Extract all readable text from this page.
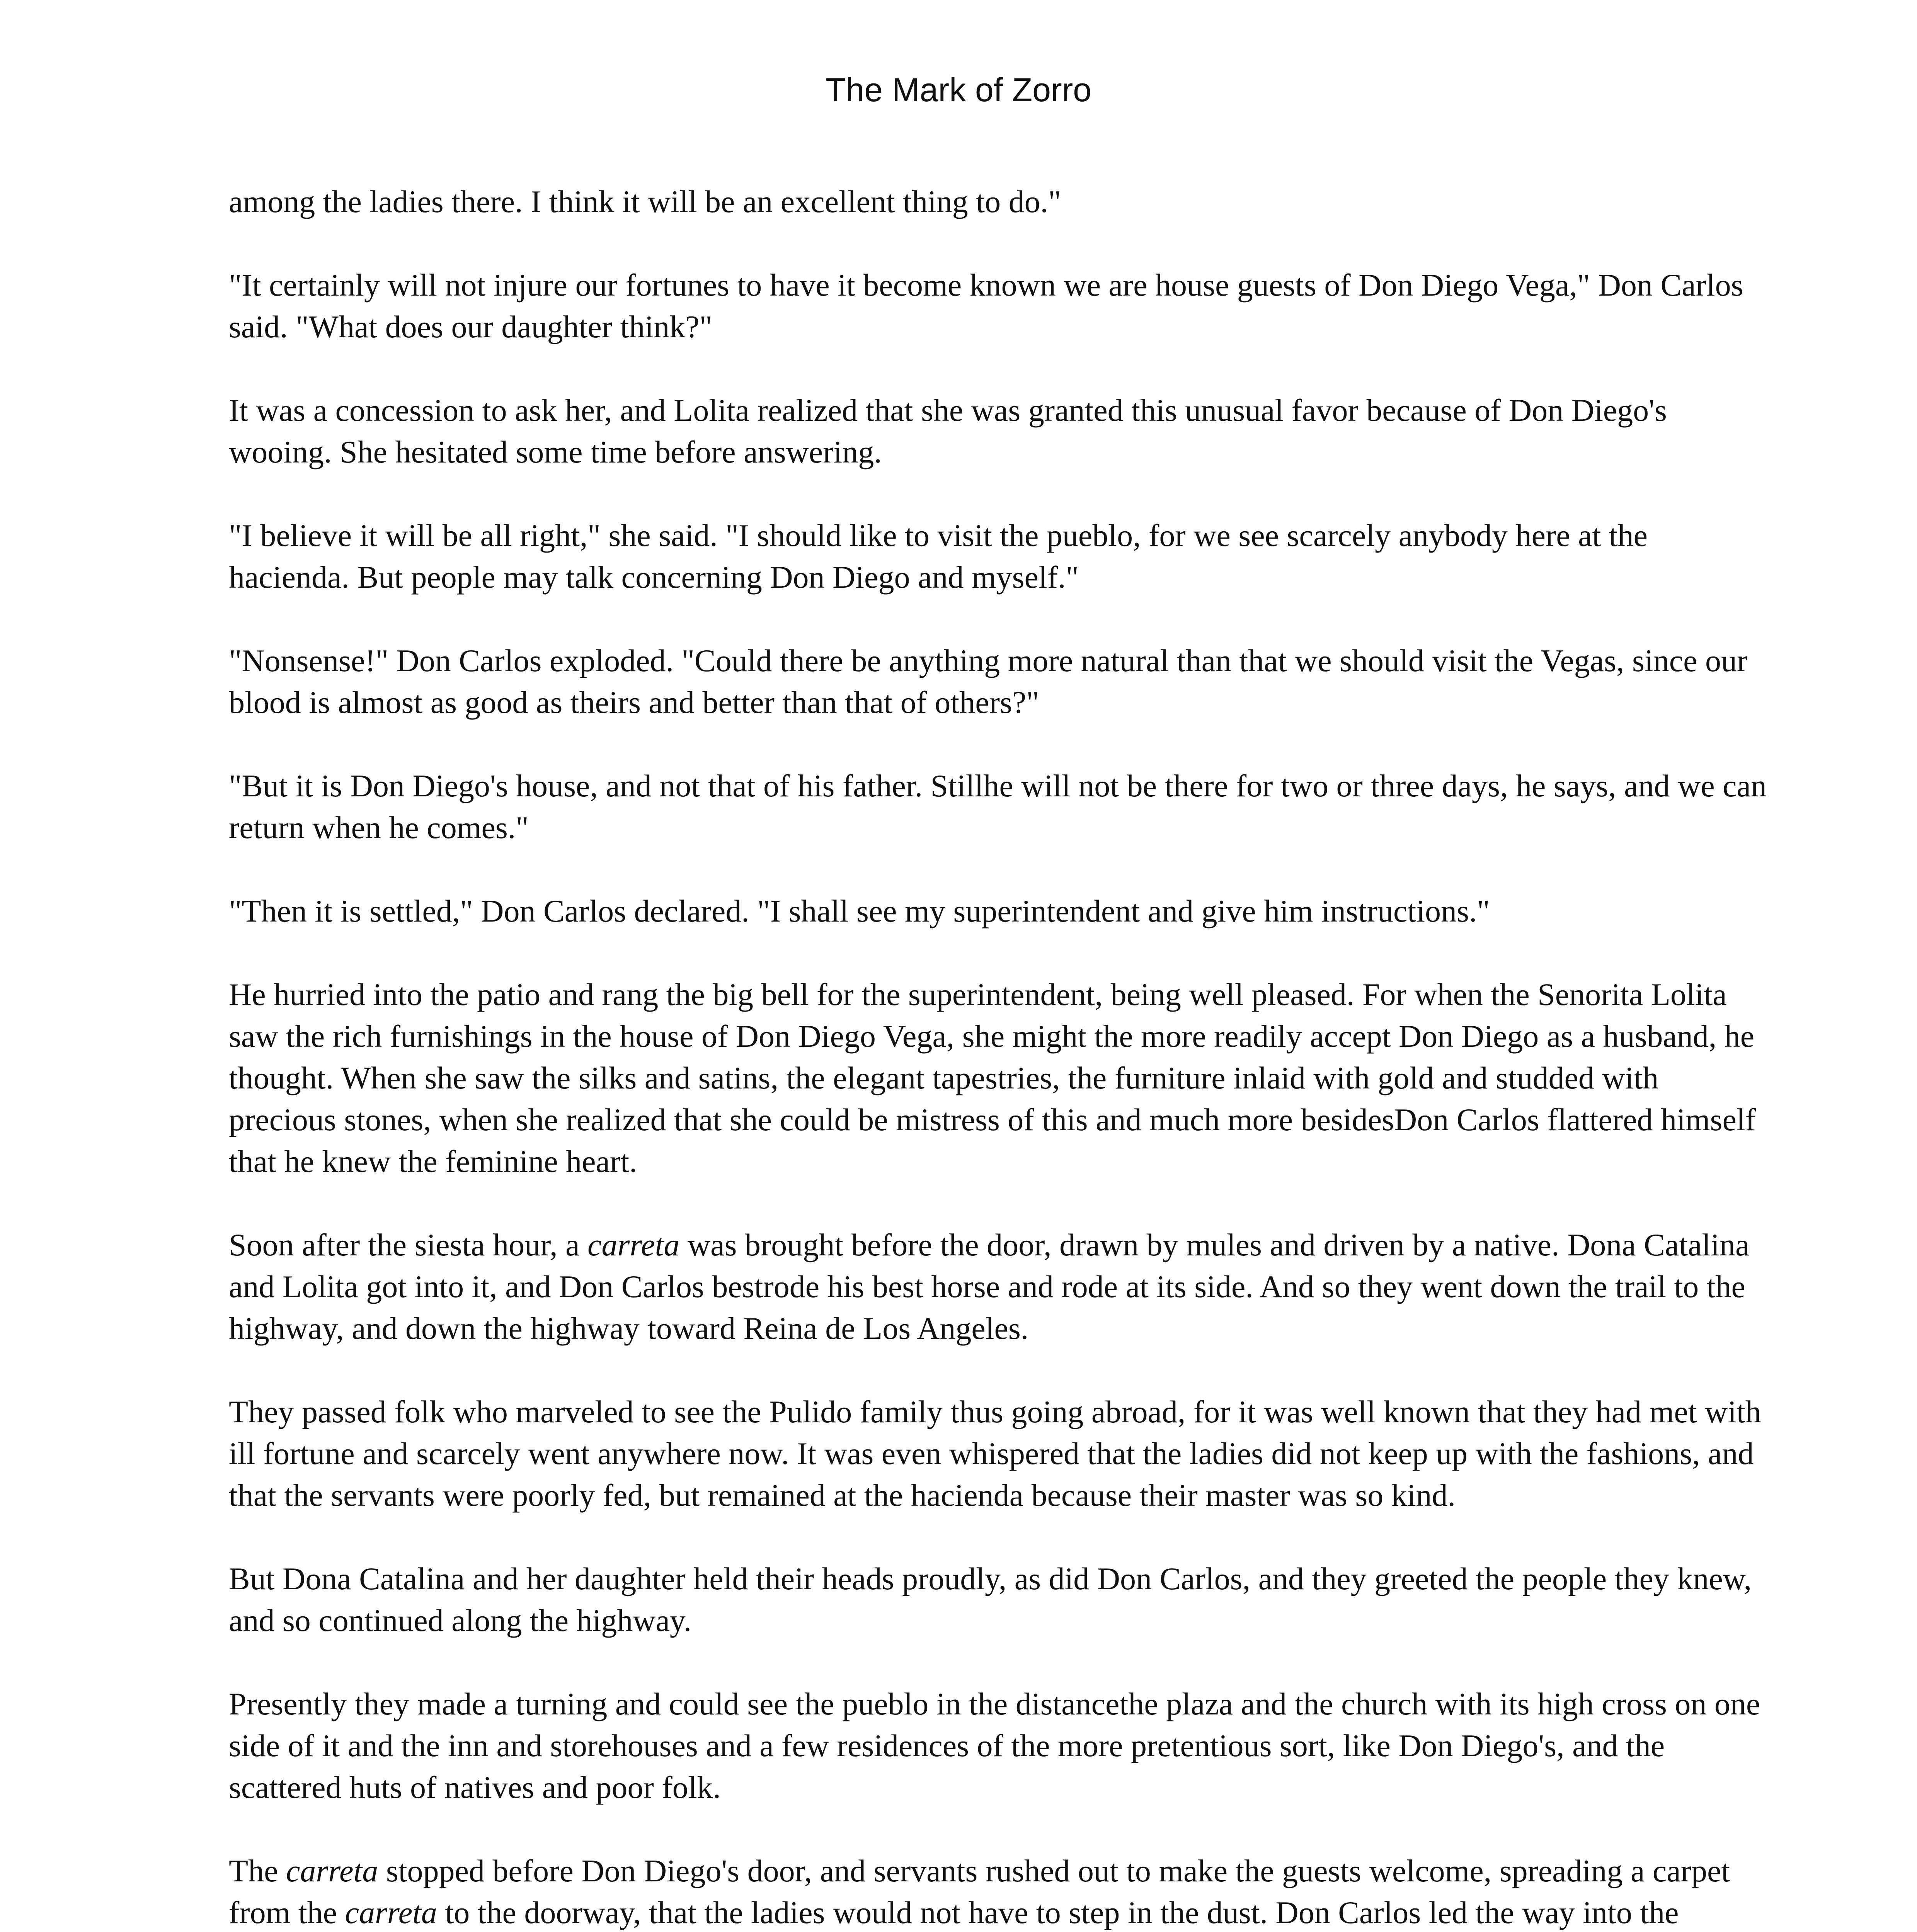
The Mark of Zorro

among the ladies there. I think it will be an excellent thing to do."

"It certainly will not injure our fortunes to have it become known we are house guests of Don Diego Vega," Don Carlos said. "What does our daughter think?"

It was a concession to ask her, and Lolita realized that she was granted this unusual favor because of Don Diego's wooing. She hesitated some time before answering.

"I believe it will be all right," she said. "I should like to visit the pueblo, for we see scarcely anybody here at the hacienda. But people may talk concerning Don Diego and myself."

"Nonsense!" Don Carlos exploded. "Could there be anything more natural than that we should visit the Vegas, since our blood is almost as good as theirs and better than that of others?"

"But it is Don Diego's house, and not that of his father. Stillhe will not be there for two or three days, he says, and we can return when he comes."

"Then it is settled," Don Carlos declared. "I shall see my superintendent and give him instructions."

He hurried into the patio and rang the big bell for the superintendent, being well pleased. For when the Senorita Lolita saw the rich furnishings in the house of Don Diego Vega, she might the more readily accept Don Diego as a husband, he thought. When she saw the silks and satins, the elegant tapestries, the furniture inlaid with gold and studded with precious stones, when she realized that she could be mistress of this and much more besidesDon Carlos flattered himself that he knew the feminine heart.

Soon after the siesta hour, a carreta was brought before the door, drawn by mules and driven by a native. Dona Catalina and Lolita got into it, and Don Carlos bestrode his best horse and rode at its side. And so they went down the trail to the highway, and down the highway toward Reina de Los Angeles.

They passed folk who marveled to see the Pulido family thus going abroad, for it was well known that they had met with ill fortune and scarcely went anywhere now. It was even whispered that the ladies did not keep up with the fashions, and that the servants were poorly fed, but remained at the hacienda because their master was so kind.

But Dona Catalina and her daughter held their heads proudly, as did Don Carlos, and they greeted the people they knew, and so continued along the highway.

Presently they made a turning and could see the pueblo in the distancethe plaza and the church with its high cross on one side of it and the inn and storehouses and a few residences of the more pretentious sort, like Don Diego's, and the scattered huts of natives and poor folk.

The carreta stopped before Don Diego's door, and servants rushed out to make the guests welcome, spreading a carpet from the carreta to the doorway, that the ladies would not have to step in the dust. Don Carlos led the way into the
